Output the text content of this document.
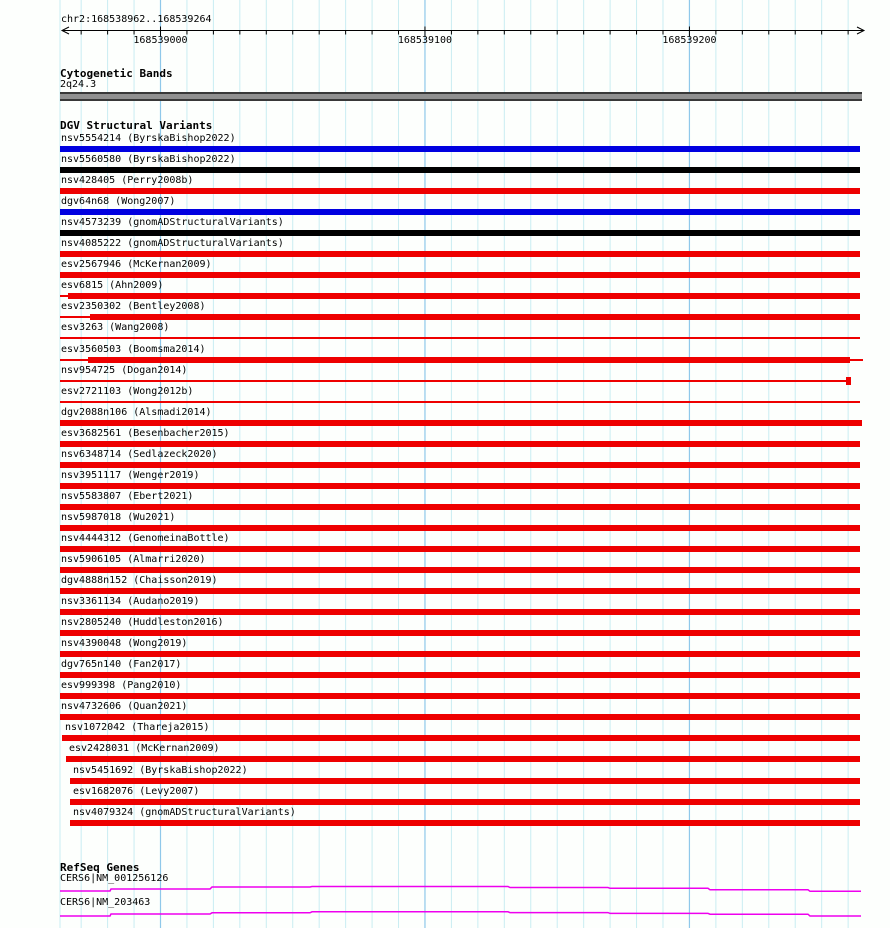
chr2:168538962..168539264
168539000	168539100	168539200
Cytogenetic Bands
2q24.3
DGV Structural Variants
nsv5554214 (ByrskaBishop2022)
nsv5560580 (ByrskaBishop2022)
nsv428405 (Perry2008b)
dgv64n68 (Wong2007)
nsv4573239 (gnomADStructuralVariants)
nsv4085222 (gnomADStructuralVariants)
esv2567946 (McKernan2009)
esv6815 (Ahn2009)
esv2350302 (Bentley2008)
esv3263 (Wang2008)
esv3560503 (Boomsma2014)
nsv954725 (Dogan2014)
esv2721103 (Wong2012b)
dgv2088n106 (Alsmadi2014)
esv3682561 (Besenbacher2015)
nsv6348714 (Sedlazeck2020)
nsv3951117 (Wenger2019)
nsv5583807 (Ebert2021)
nsv5987018 (Wu2021)
nsv4444312 (GenomeinaBottle)
nsv5906105 (Almarri2020)
dgv4888n152 (Chaisson2019)
nsv3361134 (Audano2019)
nsv2805240 (Huddleston2016)
nsv4390048 (Wong2019)
dgv765n140 (Fan2017)
esv999398 (Pang2010)
nsv4732606 (Quan2021)
nsv1072042 (Thareja2015)
esv2428031 (McKernan2009)
nsv5451692 (ByrskaBishop2022)
esv1682076 (Levy2007)
nsv4079324 (gnomADStructuralVariants)
RefSeq Genes
CERS6|NM_001256126
CERS6|NM_203463
